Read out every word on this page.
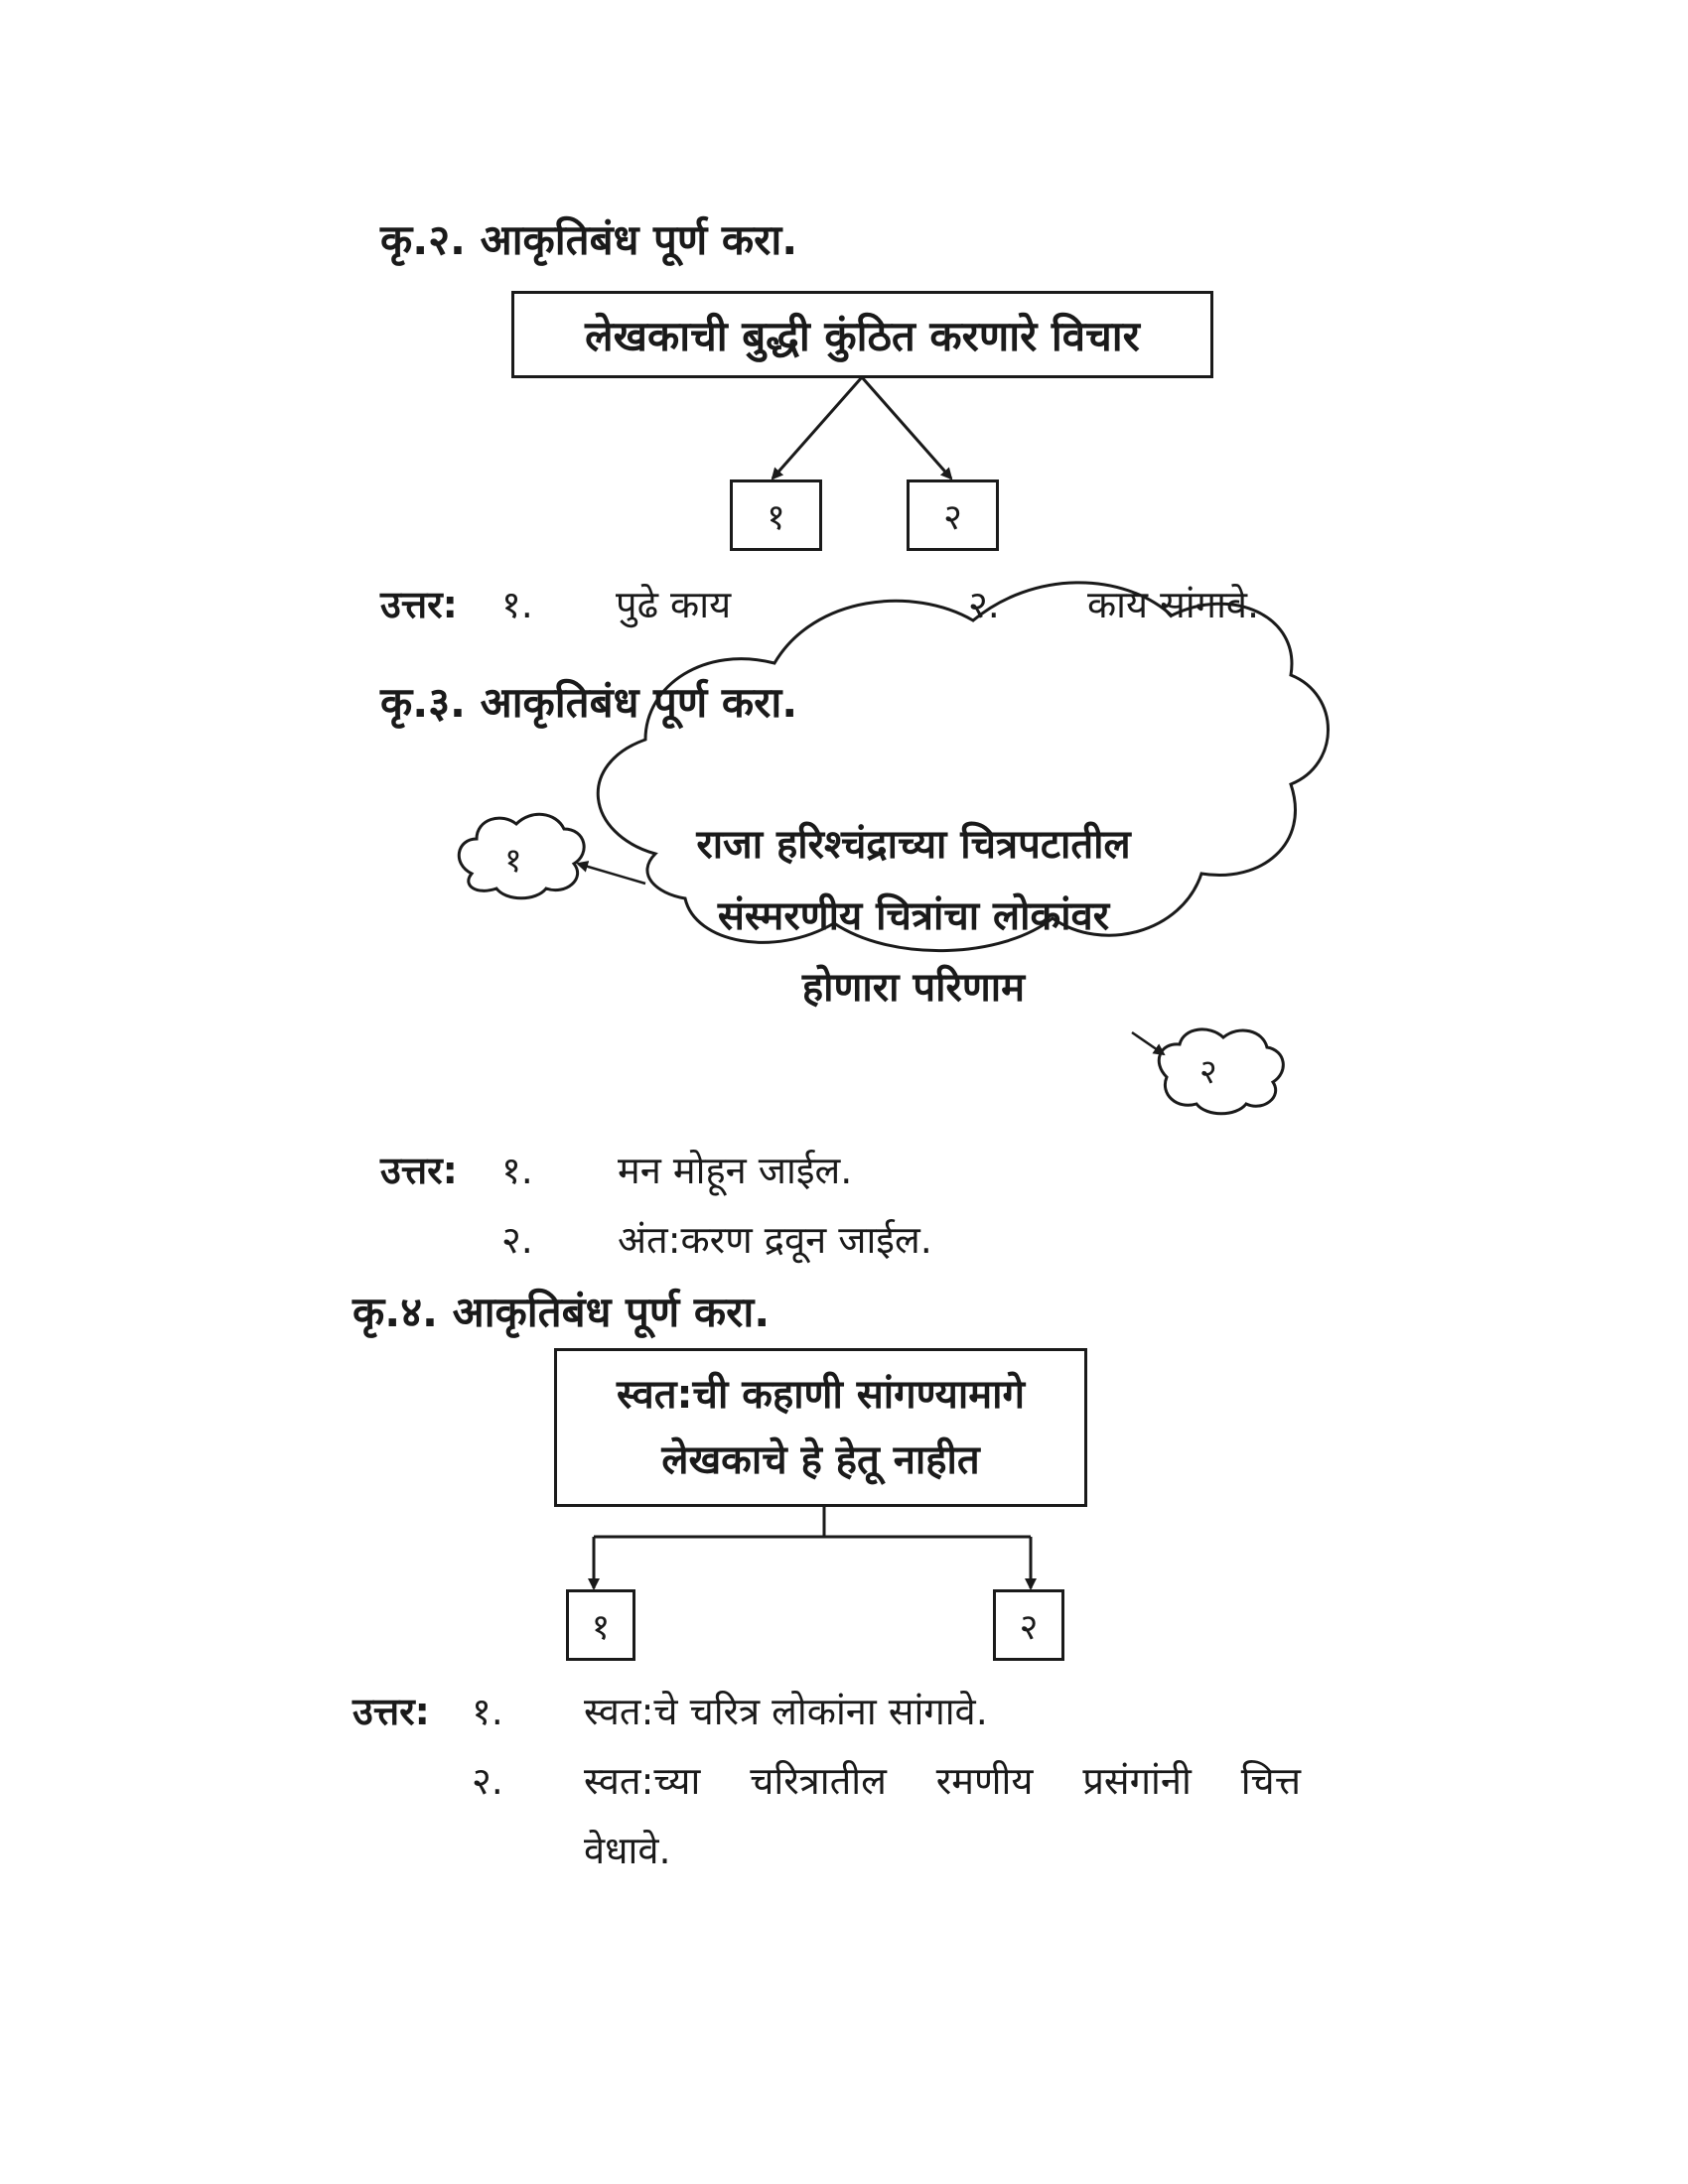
कृ.२. आकृतिबंध पूर्ण करा.
लेखकाची बुद्धी कुंठित करणारे विचार
१	२
उत्तर: १. पुढे काय	२. काय सांगावे.
कृ.३. आकृतिबंध पूर्ण करा.
राजा हरिश्चंद्राच्या चित्रपटातील
संस्मरणीय चित्रांचा लोकांवर
होणारा परिणाम
१
२
उत्तर: १. मन मोहून जाईल.
२. अंत:करण द्रवून जाईल.
कृ.४. आकृतिबंध पूर्ण करा.
स्वत:ची कहाणी सांगण्यामागे
लेखकाचे हे हेतू नाहीत
१	२
उत्तर: १. स्वत:चे चरित्र लोकांना सांगावे.
२. स्वत:च्या चरित्रातील रमणीय प्रसंगांनी चित्त
वेधावे.
